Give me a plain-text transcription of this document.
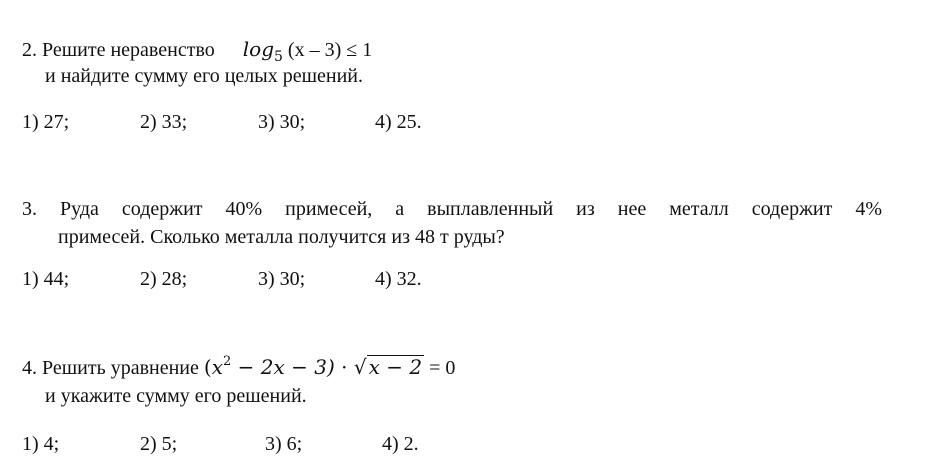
2. Решите неравенство $\log_5 (x - 3) \le 1$
и найдите сумму его целых решений.
1) 27;	2) 33;	3) 30;	4) 25.
3. Руда содержит 40% примесей, а выплавленный из нее металл содержит 4%
примесей. Сколько металла получится из 48 т руды?
1) 44;	2) 28;	3) 30;	4) 32.
4. Решить уравнение $(x^2 - 2x - 3)$ · √ x − 2 = 0
и укажите сумму его решений.
1) 4;	2) 5;	3) 6;	4) 2.
